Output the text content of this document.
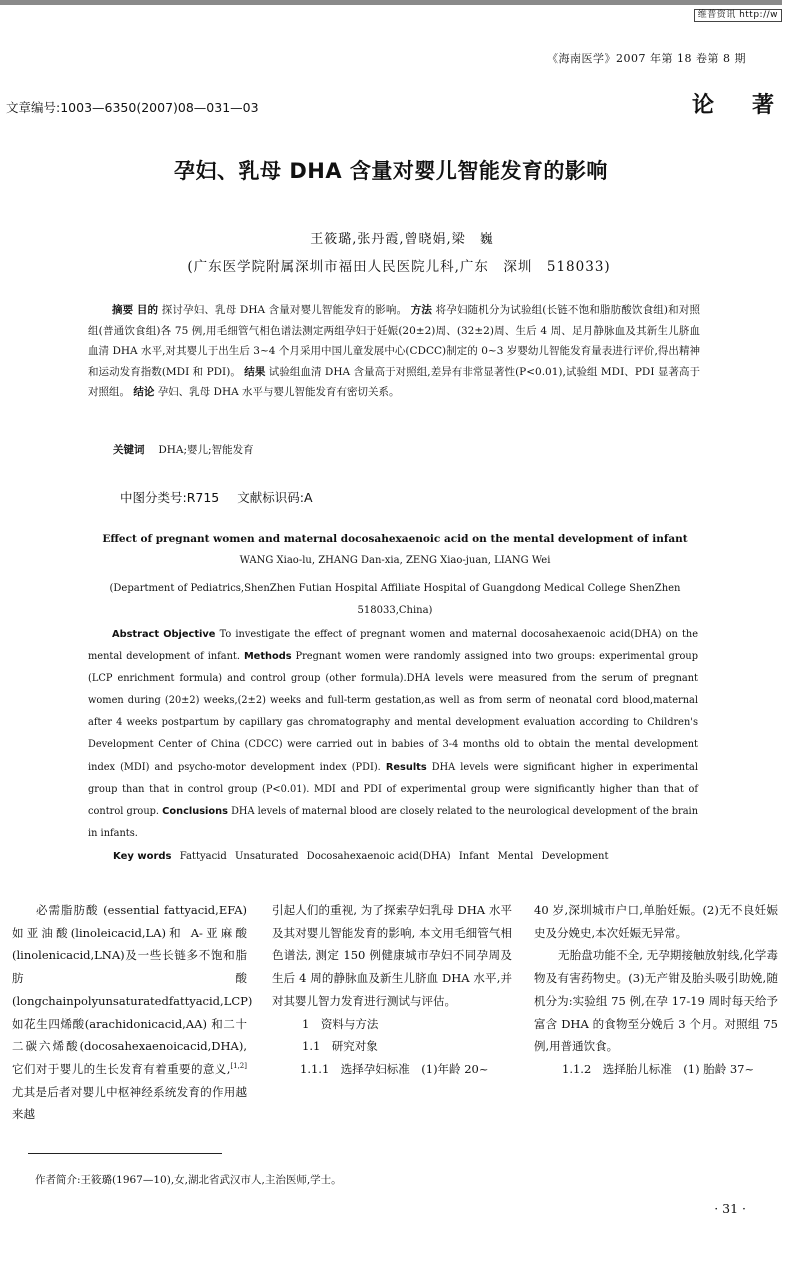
维普资讯 http://w
《海南医学》2007 年第 18 卷第 8 期
文章编号:1003—6350(2007)08—031—03	论著
孕妇、乳母 DHA 含量对婴儿智能发育的影响
王筱璐,张丹霞,曾晓娟,梁　巍
(广东医学院附属深圳市福田人民医院儿科,广东　深圳　518033)
摘要 目的 探讨孕妇、乳母 DHA 含量对婴儿智能发育的影响。 方法 将孕妇随机分为试验组(长链不饱和脂肪酸饮食组)和对照组(普通饮食组)各 75 例,用毛细管气相色谱法测定两组孕妇于妊娠(20±2)周、(32±2)周、生后 4 周、足月静脉血及其新生儿脐血血清 DHA 水平,对其婴儿于出生后 3~4 个月采用中国儿童发展中心(CDCC)制定的 0~3 岁婴幼儿智能发育量表进行评价,得出精神和运动发育指数(MDI 和 PDI)。 结果 试验组血清 DHA 含量高于对照组,差异有非常显著性(P<0.01),试验组 MDI、PDI 显著高于对照组。 结论 孕妇、乳母 DHA 水平与婴儿智能发育有密切关系。
关键词　 DHA;婴儿;智能发育
中图分类号:R715 文献标识码:A
Effect of pregnant women and maternal docosahexaenoic acid on the mental development of infant
WANG Xiao-lu, ZHANG Dan-xia, ZENG Xiao-juan, LIANG Wei
(Department of Pediatrics,ShenZhen Futian Hospital Affiliate Hospital of Guangdong Medical College ShenZhen 518033,China)
Abstract Objective To investigate the effect of pregnant women and maternal docosahexaenoic acid(DHA) on the mental development of infant. Methods Pregnant women were randomly assigned into two groups: experimental group (LCP enrichment formula) and control group (other formula).DHA levels were measured from the serum of pregnant women during (20±2) weeks,(2±2) weeks and full-term gestation,as well as from serm of neonatal cord blood,maternal after 4 weeks postpartum by capillary gas chromatography and mental development evaluation according to Children's Development Center of China (CDCC) were carried out in babies of 3-4 months old to obtain the mental development index (MDI) and psycho-motor development index (PDI). Results DHA levels were significant higher in experimental group than that in control group (P<0.01). MDI and PDI of experimental group were significantly higher than that of control group. Conclusions DHA levels of maternal blood are closely related to the neurological development of the brain in infants.
Key words Fattyacid Unsaturated Docosahexaenoic acid(DHA) Infant Mental Development

必需脂肪酸 (essential fattyacid,EFA)如亚油酸(linoleicacid,LA)和 A-亚麻酸(linolenicacid,LNA)及一些长链多不饱和脂肪酸(longchainpolyunsaturatedfattyacid,LCP)如花生四烯酸(arachidonicacid,AA) 和二十二碳六烯酸(docosahexaenoicacid,DHA),它们对于婴儿的生长发育有着重要的意义,[1,2] 尤其是后者对婴儿中枢神经系统发育的作用越来越

引起人们的重视, 为了探索孕妇乳母 DHA 水平及其对婴儿智能发育的影响, 本文用毛细管气相色谱法, 测定 150 例健康城市孕妇不同孕周及生后 4 周的静脉血及新生儿脐血 DHA 水平,并对其婴儿智力发育进行测试与评估。

1　资料与方法

1.1　研究对象

1.1.1　选择孕妇标准　(1)年龄 20~

40 岁,深圳城市户口,单胎妊娠。(2)无不良妊娠史及分娩史,本次妊娠无异常。

无胎盘功能不全, 无孕期接触放射线,化学毒物及有害药物史。(3)无产钳及胎头吸引助娩,随机分为:实验组 75 例,在孕 17-19 周时每天给予富含 DHA 的食物至分娩后 3 个月。对照组 75 例,用普通饮食。

1.1.2　选择胎儿标准　(1) 胎龄 37~

作者简介:王筱璐(1967—10),女,湖北省武汉市人,主治医师,学士。
· 31 ·
